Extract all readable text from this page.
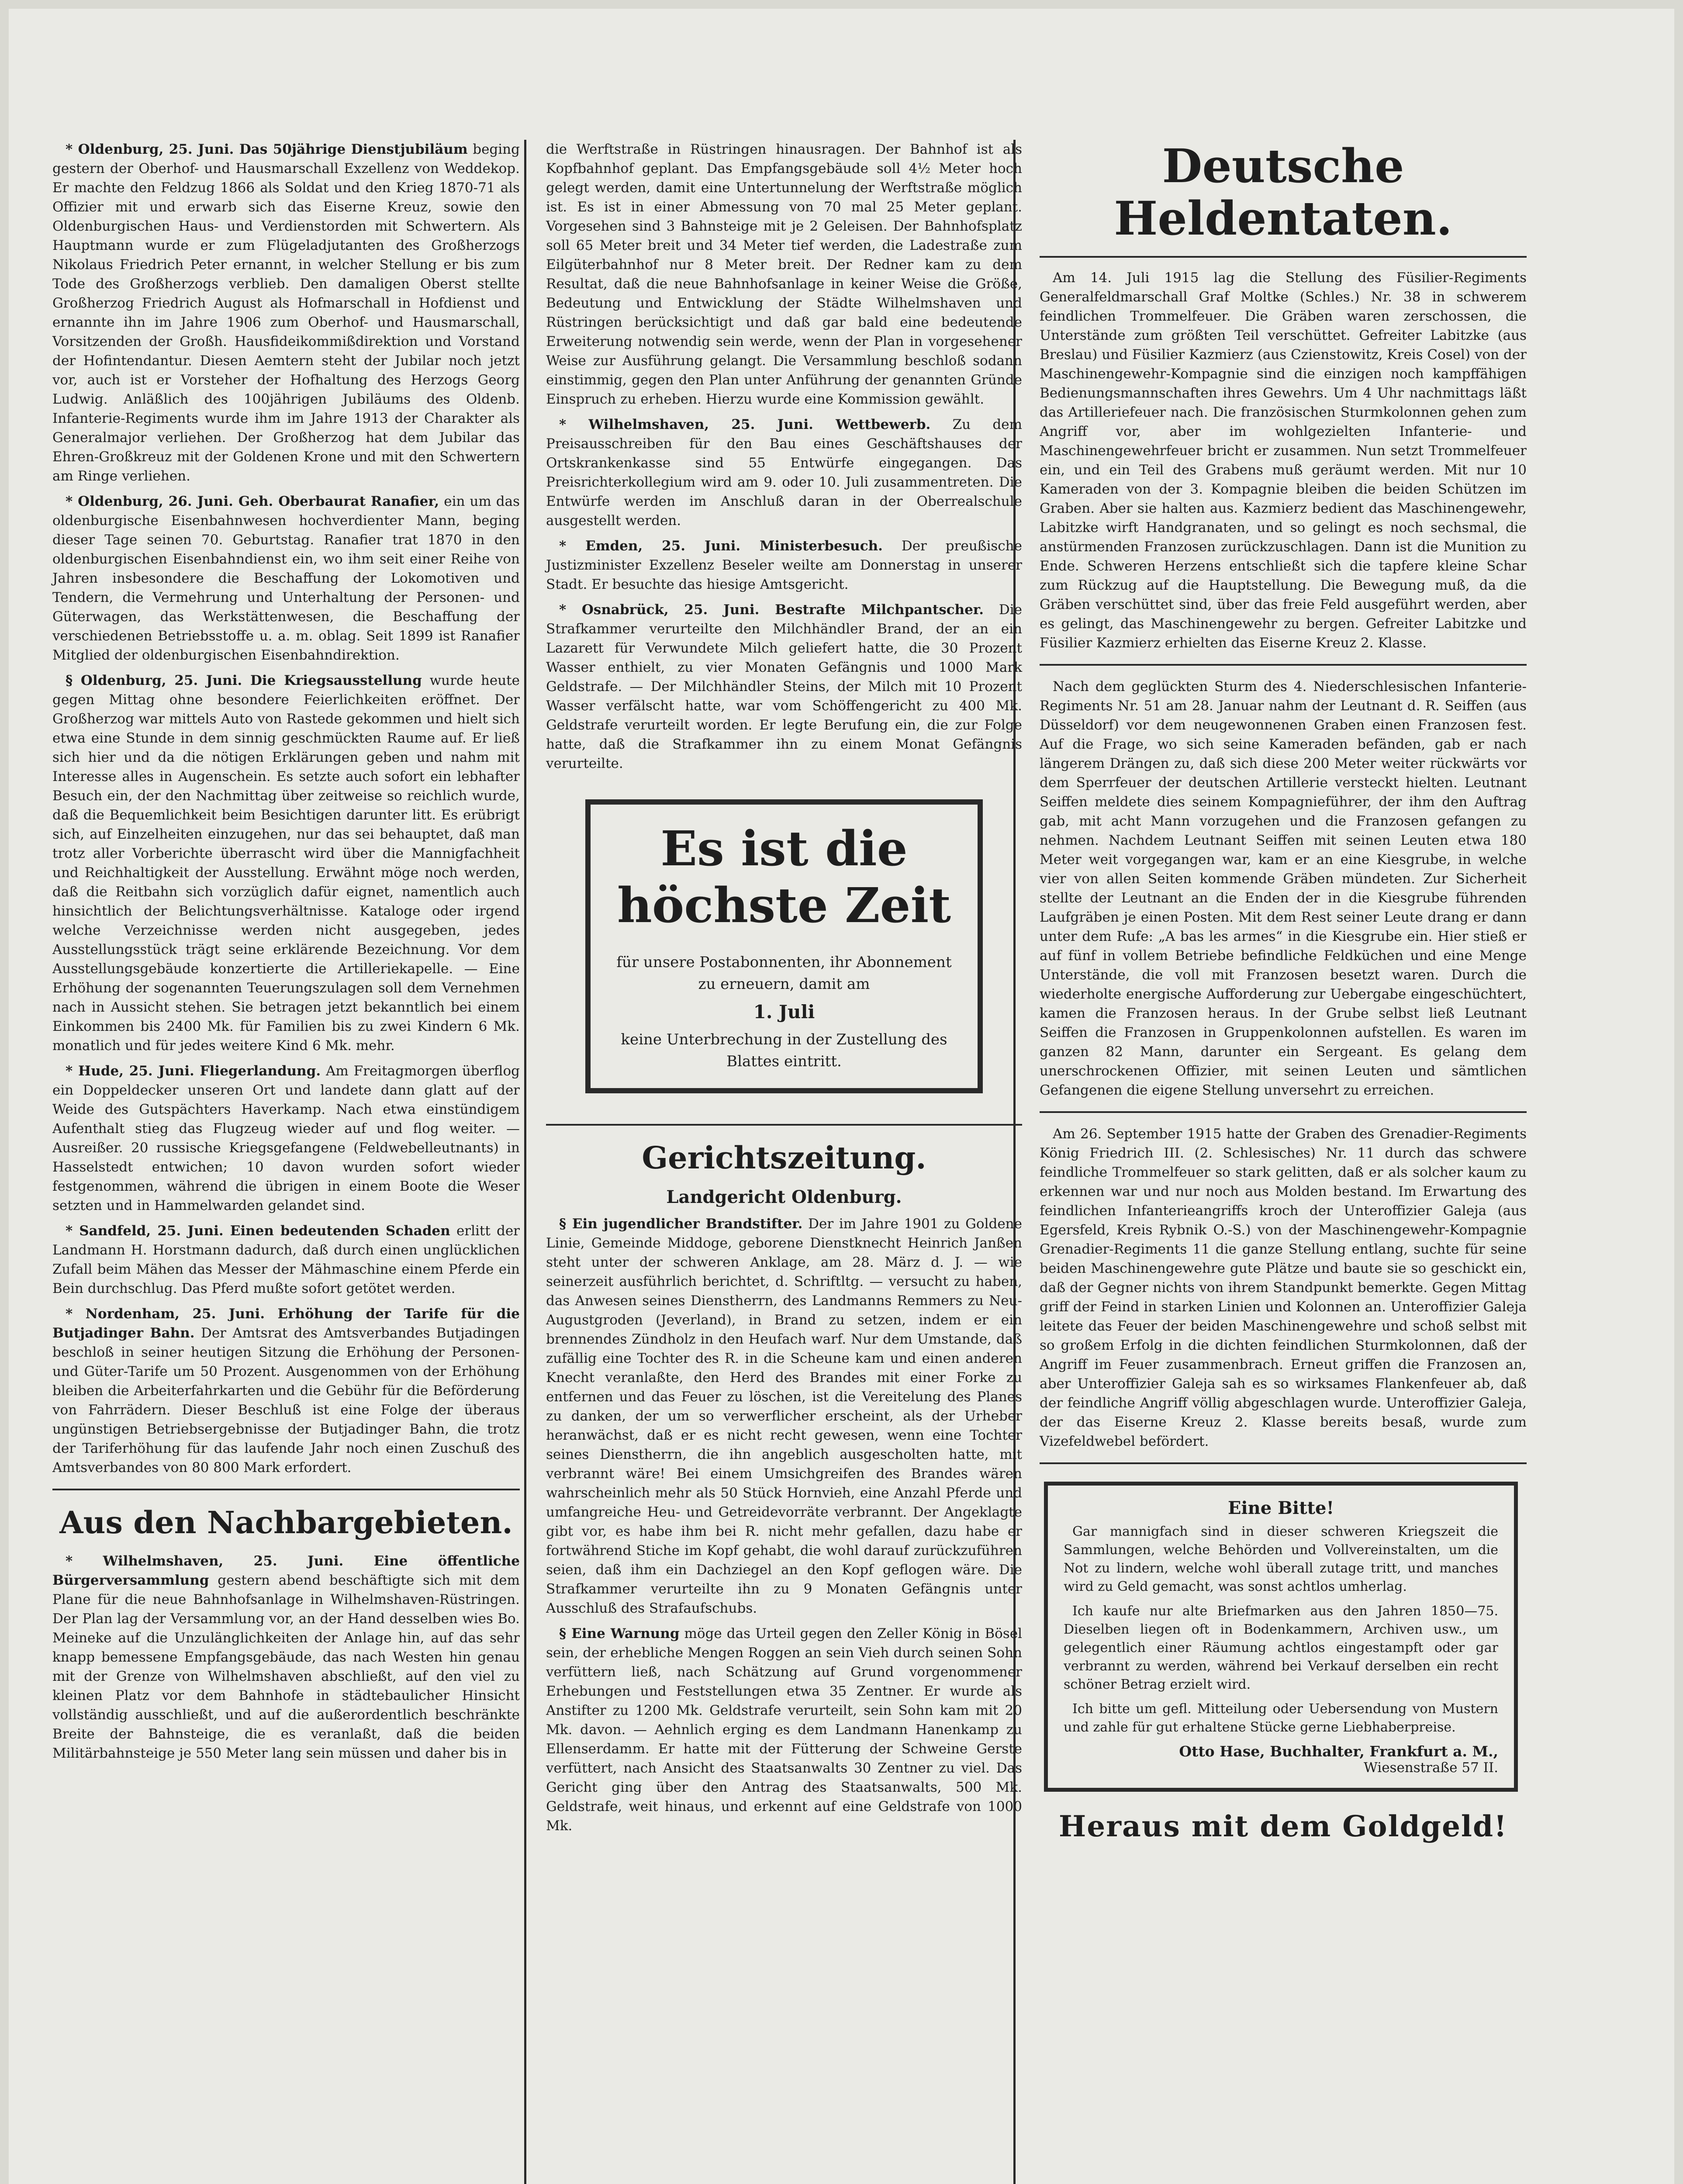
* Oldenburg, 25. Juni. Das 50jährige Dienstjubiläum beging gestern der Oberhof- und Hausmarschall Exzellenz von Weddekop. Er machte den Feldzug 1866 als Soldat und den Krieg 1870-71 als Offizier mit und erwarb sich das Eiserne Kreuz, sowie den Oldenburgischen Haus- und Verdienstorden mit Schwertern. Als Hauptmann wurde er zum Flügeladjutanten des Großherzogs Nikolaus Friedrich Peter ernannt, in welcher Stellung er bis zum Tode des Großherzogs verblieb. Den damaligen Oberst stellte Großherzog Friedrich August als Hofmarschall in Hofdienst und ernannte ihn im Jahre 1906 zum Oberhof- und Hausmarschall, Vorsitzenden der Großh. Hausfideikommißdirektion und Vorstand der Hofintendantur. Diesen Aemtern steht der Jubilar noch jetzt vor, auch ist er Vorsteher der Hofhaltung des Herzogs Georg Ludwig. Anläßlich des 100jährigen Jubiläums des Oldenb. Infanterie-Regiments wurde ihm im Jahre 1913 der Charakter als Generalmajor verliehen. Der Großherzog hat dem Jubilar das Ehren-Großkreuz mit der Goldenen Krone und mit den Schwertern am Ringe verliehen.

* Oldenburg, 26. Juni. Geh. Oberbaurat Ranafier, ein um das oldenburgische Eisenbahnwesen hochverdienter Mann, beging dieser Tage seinen 70. Geburtstag. Ranafier trat 1870 in den oldenburgischen Eisenbahndienst ein, wo ihm seit einer Reihe von Jahren insbesondere die Beschaffung der Lokomotiven und Tendern, die Vermehrung und Unterhaltung der Personen- und Güterwagen, das Werkstättenwesen, die Beschaffung der verschiedenen Betriebsstoffe u. a. m. oblag. Seit 1899 ist Ranafier Mitglied der oldenburgischen Eisenbahndirektion.

§ Oldenburg, 25. Juni. Die Kriegsausstellung wurde heute gegen Mittag ohne besondere Feierlichkeiten eröffnet. Der Großherzog war mittels Auto von Rastede gekommen und hielt sich etwa eine Stunde in dem sinnig geschmückten Raume auf. Er ließ sich hier und da die nötigen Erklärungen geben und nahm mit Interesse alles in Augenschein. Es setzte auch sofort ein lebhafter Besuch ein, der den Nachmittag über zeitweise so reichlich wurde, daß die Bequemlichkeit beim Besichtigen darunter litt. Es erübrigt sich, auf Einzelheiten einzugehen, nur das sei behauptet, daß man trotz aller Vorberichte überrascht wird über die Mannigfachheit und Reichhaltigkeit der Ausstellung. Erwähnt möge noch werden, daß die Reitbahn sich vorzüglich dafür eignet, namentlich auch hinsichtlich der Belichtungsverhältnisse. Kataloge oder irgend welche Verzeichnisse werden nicht ausgegeben, jedes Ausstellungsstück trägt seine erklärende Bezeichnung. Vor dem Ausstellungsgebäude konzertierte die Artilleriekapelle. — Eine Erhöhung der sogenannten Teuerungszulagen soll dem Vernehmen nach in Aussicht stehen. Sie betragen jetzt bekanntlich bei einem Einkommen bis 2400 Mk. für Familien bis zu zwei Kindern 6 Mk. monatlich und für jedes weitere Kind 6 Mk. mehr.

* Hude, 25. Juni. Fliegerlandung. Am Freitagmorgen überflog ein Doppeldecker unseren Ort und landete dann glatt auf der Weide des Gutspächters Haverkamp. Nach etwa einstündigem Aufenthalt stieg das Flugzeug wieder auf und flog weiter. — Ausreißer. 20 russische Kriegsgefangene (Feldwebelleutnants) in Hasselstedt entwichen; 10 davon wurden sofort wieder festgenommen, während die übrigen in einem Boote die Weser setzten und in Hammelwarden gelandet sind.

* Sandfeld, 25. Juni. Einen bedeutenden Schaden erlitt der Landmann H. Horstmann dadurch, daß durch einen unglücklichen Zufall beim Mähen das Messer der Mähmaschine einem Pferde ein Bein durchschlug. Das Pferd mußte sofort getötet werden.

* Nordenham, 25. Juni. Erhöhung der Tarife für die Butjadinger Bahn. Der Amtsrat des Amtsverbandes Butjadingen beschloß in seiner heutigen Sitzung die Erhöhung der Personen- und Güter-Tarife um 50 Prozent. Ausgenommen von der Erhöhung bleiben die Arbeiterfahrkarten und die Gebühr für die Beförderung von Fahrrädern. Dieser Beschluß ist eine Folge der überaus ungünstigen Betriebsergebnisse der Butjadinger Bahn, die trotz der Tariferhöhung für das laufende Jahr noch einen Zuschuß des Amtsverbandes von 80 800 Mark erfordert.

Aus den Nachbargebieten.

* Wilhelmshaven, 25. Juni. Eine öffentliche Bürgerversammlung gestern abend beschäftigte sich mit dem Plane für die neue Bahnhofsanlage in Wilhelmshaven-Rüstringen. Der Plan lag der Versammlung vor, an der Hand desselben wies Bo. Meineke auf die Unzulänglichkeiten der Anlage hin, auf das sehr knapp bemessene Empfangsgebäude, das nach Westen hin genau mit der Grenze von Wilhelmshaven abschließt, auf den viel zu kleinen Platz vor dem Bahnhofe in städtebaulicher Hinsicht vollständig ausschließt, und auf die außerordentlich beschränkte Breite der Bahnsteige, die es veranlaßt, daß die beiden Militärbahnsteige je 550 Meter lang sein müssen und daher bis in

die Werftstraße in Rüstringen hinausragen. Der Bahnhof ist als Kopfbahnhof geplant. Das Empfangsgebäude soll 4½ Meter hoch gelegt werden, damit eine Untertunnelung der Werftstraße möglich ist. Es ist in einer Abmessung von 70 mal 25 Meter geplant. Vorgesehen sind 3 Bahnsteige mit je 2 Geleisen. Der Bahnhofsplatz soll 65 Meter breit und 34 Meter tief werden, die Ladestraße zum Eilgüterbahnhof nur 8 Meter breit. Der Redner kam zu dem Resultat, daß die neue Bahnhofsanlage in keiner Weise die Größe, Bedeutung und Entwicklung der Städte Wilhelmshaven und Rüstringen berücksichtigt und daß gar bald eine bedeutende Erweiterung notwendig sein werde, wenn der Plan in vorgesehener Weise zur Ausführung gelangt. Die Versammlung beschloß sodann einstimmig, gegen den Plan unter Anführung der genannten Gründe Einspruch zu erheben. Hierzu wurde eine Kommission gewählt.

* Wilhelmshaven, 25. Juni. Wettbewerb. Zu dem Preisausschreiben für den Bau eines Geschäftshauses der Ortskrankenkasse sind 55 Entwürfe eingegangen. Das Preisrichterkollegium wird am 9. oder 10. Juli zusammentreten. Die Entwürfe werden im Anschluß daran in der Oberrealschule ausgestellt werden.

* Emden, 25. Juni. Ministerbesuch. Der preußische Justizminister Exzellenz Beseler weilte am Donnerstag in unserer Stadt. Er besuchte das hiesige Amtsgericht.

* Osnabrück, 25. Juni. Bestrafte Milchpantscher. Die Strafkammer verurteilte den Milchhändler Brand, der an ein Lazarett für Verwundete Milch geliefert hatte, die 30 Prozent Wasser enthielt, zu vier Monaten Gefängnis und 1000 Mark Geldstrafe. — Der Milchhändler Steins, der Milch mit 10 Prozent Wasser verfälscht hatte, war vom Schöffengericht zu 400 Mk. Geldstrafe verurteilt worden. Er legte Berufung ein, die zur Folge hatte, daß die Strafkammer ihn zu einem Monat Gefängnis verurteilte.

Es ist die höchste Zeit
für unsere Postabonnenten, ihr Abonnement zu erneuern, damit am
1. Juli
keine Unterbrechung in der Zustellung des Blattes eintritt.
Gerichtszeitung.
Landgericht Oldenburg.

§ Ein jugendlicher Brandstifter. Der im Jahre 1901 zu Goldene Linie, Gemeinde Middoge, geborene Dienstknecht Heinrich Janßen steht unter der schweren Anklage, am 28. März d. J. — wie seinerzeit ausführlich berichtet, d. Schriftltg. — versucht zu haben, das Anwesen seines Dienstherrn, des Landmanns Remmers zu Neu-Augustgroden (Jeverland), in Brand zu setzen, indem er ein brennendes Zündholz in den Heufach warf. Nur dem Umstande, daß zufällig eine Tochter des R. in die Scheune kam und einen anderen Knecht veranlaßte, den Herd des Brandes mit einer Forke zu entfernen und das Feuer zu löschen, ist die Vereitelung des Planes zu danken, der um so verwerflicher erscheint, als der Urheber heranwächst, daß er es nicht recht gewesen, wenn eine Tochter seines Dienstherrn, die ihn angeblich ausgescholten hatte, mit verbrannt wäre! Bei einem Umsichgreifen des Brandes wären wahrscheinlich mehr als 50 Stück Hornvieh, eine Anzahl Pferde und umfangreiche Heu- und Getreidevorräte verbrannt. Der Angeklagte gibt vor, es habe ihm bei R. nicht mehr gefallen, dazu habe er fortwährend Stiche im Kopf gehabt, die wohl darauf zurückzuführen seien, daß ihm ein Dachziegel an den Kopf geflogen wäre. Die Strafkammer verurteilte ihn zu 9 Monaten Gefängnis unter Ausschluß des Strafaufschubs.

§ Eine Warnung möge das Urteil gegen den Zeller König in Bösel sein, der erhebliche Mengen Roggen an sein Vieh durch seinen Sohn verfüttern ließ, nach Schätzung auf Grund vorgenommener Erhebungen und Feststellungen etwa 35 Zentner. Er wurde als Anstifter zu 1200 Mk. Geldstrafe verurteilt, sein Sohn kam mit 20 Mk. davon. — Aehnlich erging es dem Landmann Hanenkamp zu Ellenserdamm. Er hatte mit der Fütterung der Schweine Gerste verfüttert, nach Ansicht des Staatsanwalts 30 Zentner zu viel. Das Gericht ging über den Antrag des Staatsanwalts, 500 Mk. Geldstrafe, weit hinaus, und erkennt auf eine Geldstrafe von 1000 Mk.

Deutsche Heldentaten.

Am 14. Juli 1915 lag die Stellung des Füsilier-Regiments Generalfeldmarschall Graf Moltke (Schles.) Nr. 38 in schwerem feindlichen Trommelfeuer. Die Gräben waren zerschossen, die Unterstände zum größten Teil verschüttet. Gefreiter Labitzke (aus Breslau) und Füsilier Kazmierz (aus Czienstowitz, Kreis Cosel) von der Maschinengewehr-Kompagnie sind die einzigen noch kampffähigen Bedienungsmannschaften ihres Gewehrs. Um 4 Uhr nachmittags läßt das Artilleriefeuer nach. Die französischen Sturmkolonnen gehen zum Angriff vor, aber im wohlgezielten Infanterie- und Maschinengewehrfeuer bricht er zusammen. Nun setzt Trommelfeuer ein, und ein Teil des Grabens muß geräumt werden. Mit nur 10 Kameraden von der 3. Kompagnie bleiben die beiden Schützen im Graben. Aber sie halten aus. Kazmierz bedient das Maschinengewehr, Labitzke wirft Handgranaten, und so gelingt es noch sechsmal, die anstürmenden Franzosen zurückzuschlagen. Dann ist die Munition zu Ende. Schweren Herzens entschließt sich die tapfere kleine Schar zum Rückzug auf die Hauptstellung. Die Bewegung muß, da die Gräben verschüttet sind, über das freie Feld ausgeführt werden, aber es gelingt, das Maschinengewehr zu bergen. Gefreiter Labitzke und Füsilier Kazmierz erhielten das Eiserne Kreuz 2. Klasse.

Nach dem geglückten Sturm des 4. Niederschlesischen Infanterie-Regiments Nr. 51 am 28. Januar nahm der Leutnant d. R. Seiffen (aus Düsseldorf) vor dem neugewonnenen Graben einen Franzosen fest. Auf die Frage, wo sich seine Kameraden befänden, gab er nach längerem Drängen zu, daß sich diese 200 Meter weiter rückwärts vor dem Sperrfeuer der deutschen Artillerie versteckt hielten. Leutnant Seiffen meldete dies seinem Kompagnieführer, der ihm den Auftrag gab, mit acht Mann vorzugehen und die Franzosen gefangen zu nehmen. Nachdem Leutnant Seiffen mit seinen Leuten etwa 180 Meter weit vorgegangen war, kam er an eine Kiesgrube, in welche vier von allen Seiten kommende Gräben mündeten. Zur Sicherheit stellte der Leutnant an die Enden der in die Kiesgrube führenden Laufgräben je einen Posten. Mit dem Rest seiner Leute drang er dann unter dem Rufe: „A bas les armes“ in die Kiesgrube ein. Hier stieß er auf fünf in vollem Betriebe befindliche Feldküchen und eine Menge Unterstände, die voll mit Franzosen besetzt waren. Durch die wiederholte energische Aufforderung zur Uebergabe eingeschüchtert, kamen die Franzosen heraus. In der Grube selbst ließ Leutnant Seiffen die Franzosen in Gruppenkolonnen aufstellen. Es waren im ganzen 82 Mann, darunter ein Sergeant. Es gelang dem unerschrockenen Offizier, mit seinen Leuten und sämtlichen Gefangenen die eigene Stellung unversehrt zu erreichen.

Am 26. September 1915 hatte der Graben des Grenadier-Regiments König Friedrich III. (2. Schlesisches) Nr. 11 durch das schwere feindliche Trommelfeuer so stark gelitten, daß er als solcher kaum zu erkennen war und nur noch aus Molden bestand. Im Erwartung des feindlichen Infanterieangriffs kroch der Unteroffizier Galeja (aus Egersfeld, Kreis Rybnik O.-S.) von der Maschinengewehr-Kompagnie Grenadier-Regiments 11 die ganze Stellung entlang, suchte für seine beiden Maschinengewehre gute Plätze und baute sie so geschickt ein, daß der Gegner nichts von ihrem Standpunkt bemerkte. Gegen Mittag griff der Feind in starken Linien und Kolonnen an. Unteroffizier Galeja leitete das Feuer der beiden Maschinengewehre und schoß selbst mit so großem Erfolg in die dichten feindlichen Sturmkolonnen, daß der Angriff im Feuer zusammenbrach. Erneut griffen die Franzosen an, aber Unteroffizier Galeja sah es so wirksames Flankenfeuer ab, daß der feindliche Angriff völlig abgeschlagen wurde. Unteroffizier Galeja, der das Eiserne Kreuz 2. Klasse bereits besaß, wurde zum Vizefeldwebel befördert.

Eine Bitte!

Gar mannigfach sind in dieser schweren Kriegszeit die Sammlungen, welche Behörden und Vollvereinstalten, um die Not zu lindern, welche wohl überall zutage tritt, und manches wird zu Geld gemacht, was sonst achtlos umherlag.

Ich kaufe nur alte Briefmarken aus den Jahren 1850—75. Dieselben liegen oft in Bodenkammern, Archiven usw., um gelegentlich einer Räumung achtlos eingestampft oder gar verbrannt zu werden, während bei Verkauf derselben ein recht schöner Betrag erzielt wird.

Ich bitte um gefl. Mitteilung oder Uebersendung von Mustern und zahle für gut erhaltene Stücke gerne Liebhaberpreise.

Otto Hase, Buchhalter, Frankfurt a. M.,
Wiesenstraße 57 II.
Heraus mit dem Goldgeld!
